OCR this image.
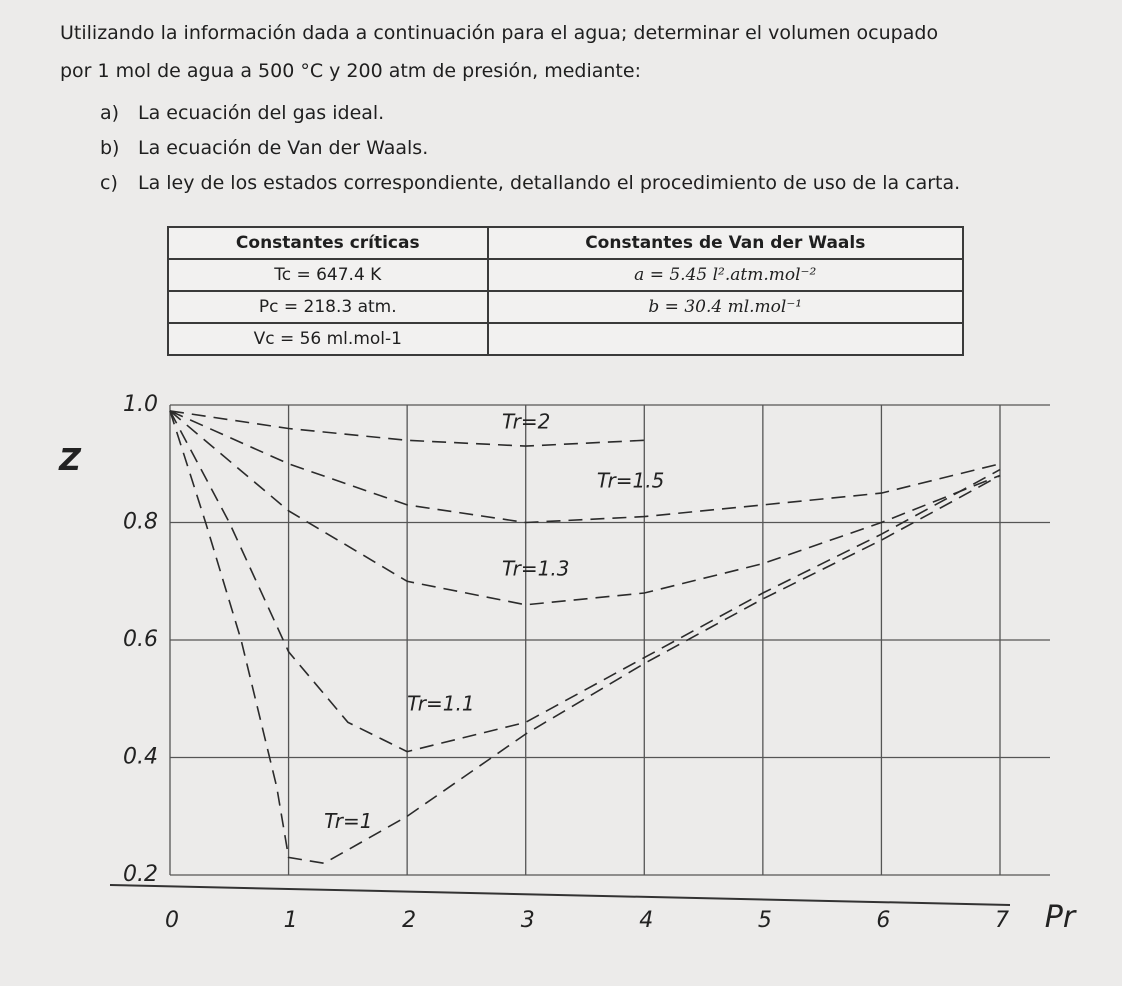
Utilizando la información dada a continuación para el agua; determinar el volumen ocupado

por 1 mol de agua a 500 °C y 200 atm de presión, mediante:

a) La ecuación del gas ideal.
b) La ecuación de Van der Waals.
c)	La ley de los estados correspondiente, detallando el procedimiento de uso de la carta.
Constantes críticas	Constantes de Van der Waals
Tc = 647.4 K	a = 5.45 l².atm.mol⁻²
Pc = 218.3 atm.	b = 30.4 ml.mol⁻¹
Vc = 56 ml.mol-1	
1.0
0.8
0.6
0.4
0.2
0	1	2	3	4	5	6	7 Pr
Z
Tr=2
Tr=1.5
Tr=1.3
Tr=1.1
Tr=1
